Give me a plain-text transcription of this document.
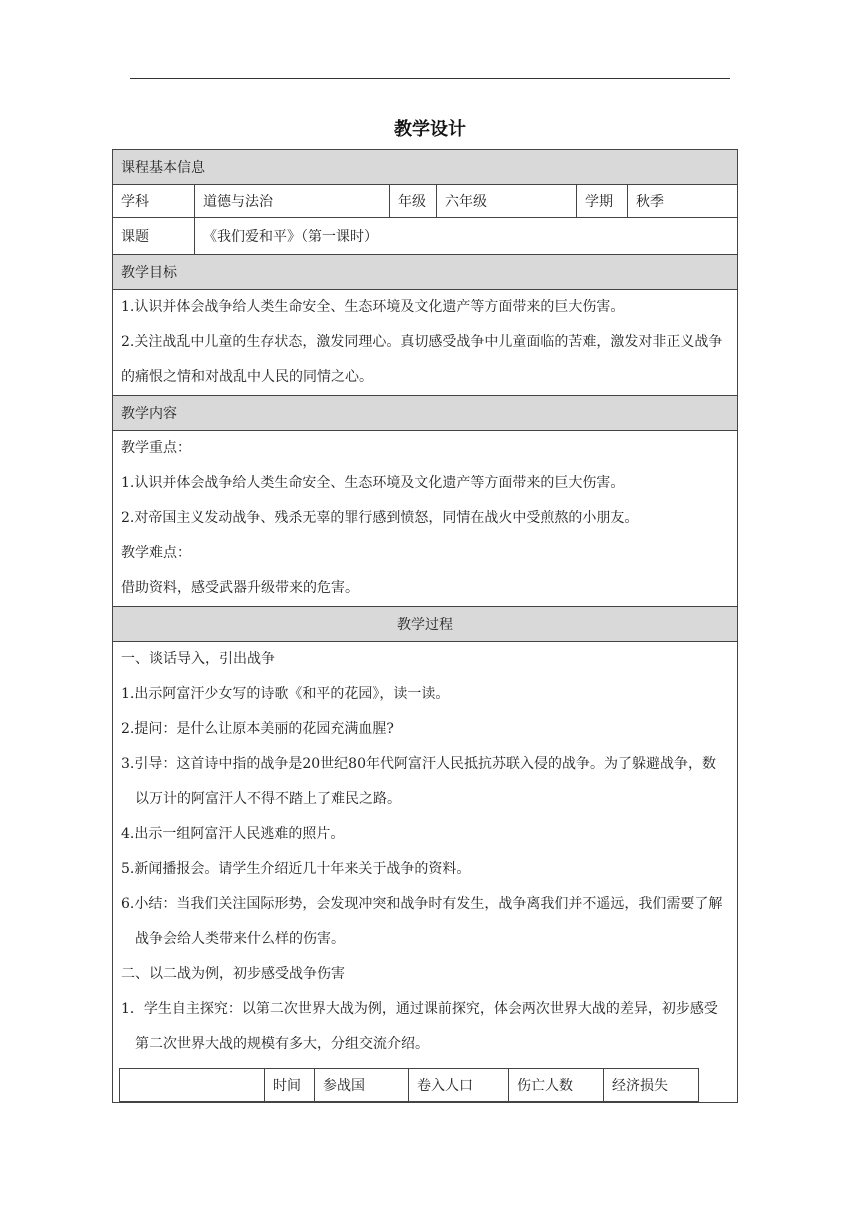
教学设计
课程基本信息
学科	道德与法治	年级	六年级	学期	秋季
课题	《我们爱和平》（第一课时）
教学目标

1.认识并体会战争给人类生命安全、生态环境及文化遗产等方面带来的巨大伤害。
2.关注战乱中儿童的生存状态，激发同理心。真切感受战争中儿童面临的苦难，激发对非正义战争的痛恨之情和对战乱中人民的同情之心。

教学内容

教学重点：
1.认识并体会战争给人类生命安全、生态环境及文化遗产等方面带来的巨大伤害。
2.对帝国主义发动战争、残杀无辜的罪行感到愤怒，同情在战火中受煎熬的小朋友。
教学难点：
借助资料，感受武器升级带来的危害。

教学过程

一、谈话导入，引出战争
1.出示阿富汗少女写的诗歌《和平的花园》，读一读。
2.提问：是什么让原本美丽的花园充满血腥?
3.引导：这首诗中指的战争是20世纪80年代阿富汗人民抵抗苏联入侵的战争。为了躲避战争，数以万计的阿富汗人不得不踏上了难民之路。
4.出示一组阿富汗人民逃难的照片。
5.新闻播报会。请学生介绍近几十年来关于战争的资料。
6.小结：当我们关注国际形势，会发现冲突和战争时有发生，战争离我们并不遥远，我们需要了解战争会给人类带来什么样的伤害。
二、以二战为例，初步感受战争伤害
1．学生自主探究：以第二次世界大战为例，通过课前探究，体会两次世界大战的差异，初步感受第二次世界大战的规模有多大，分组交流介绍。
	时间	参战国	卷入人口	伤亡人数	经济损失
